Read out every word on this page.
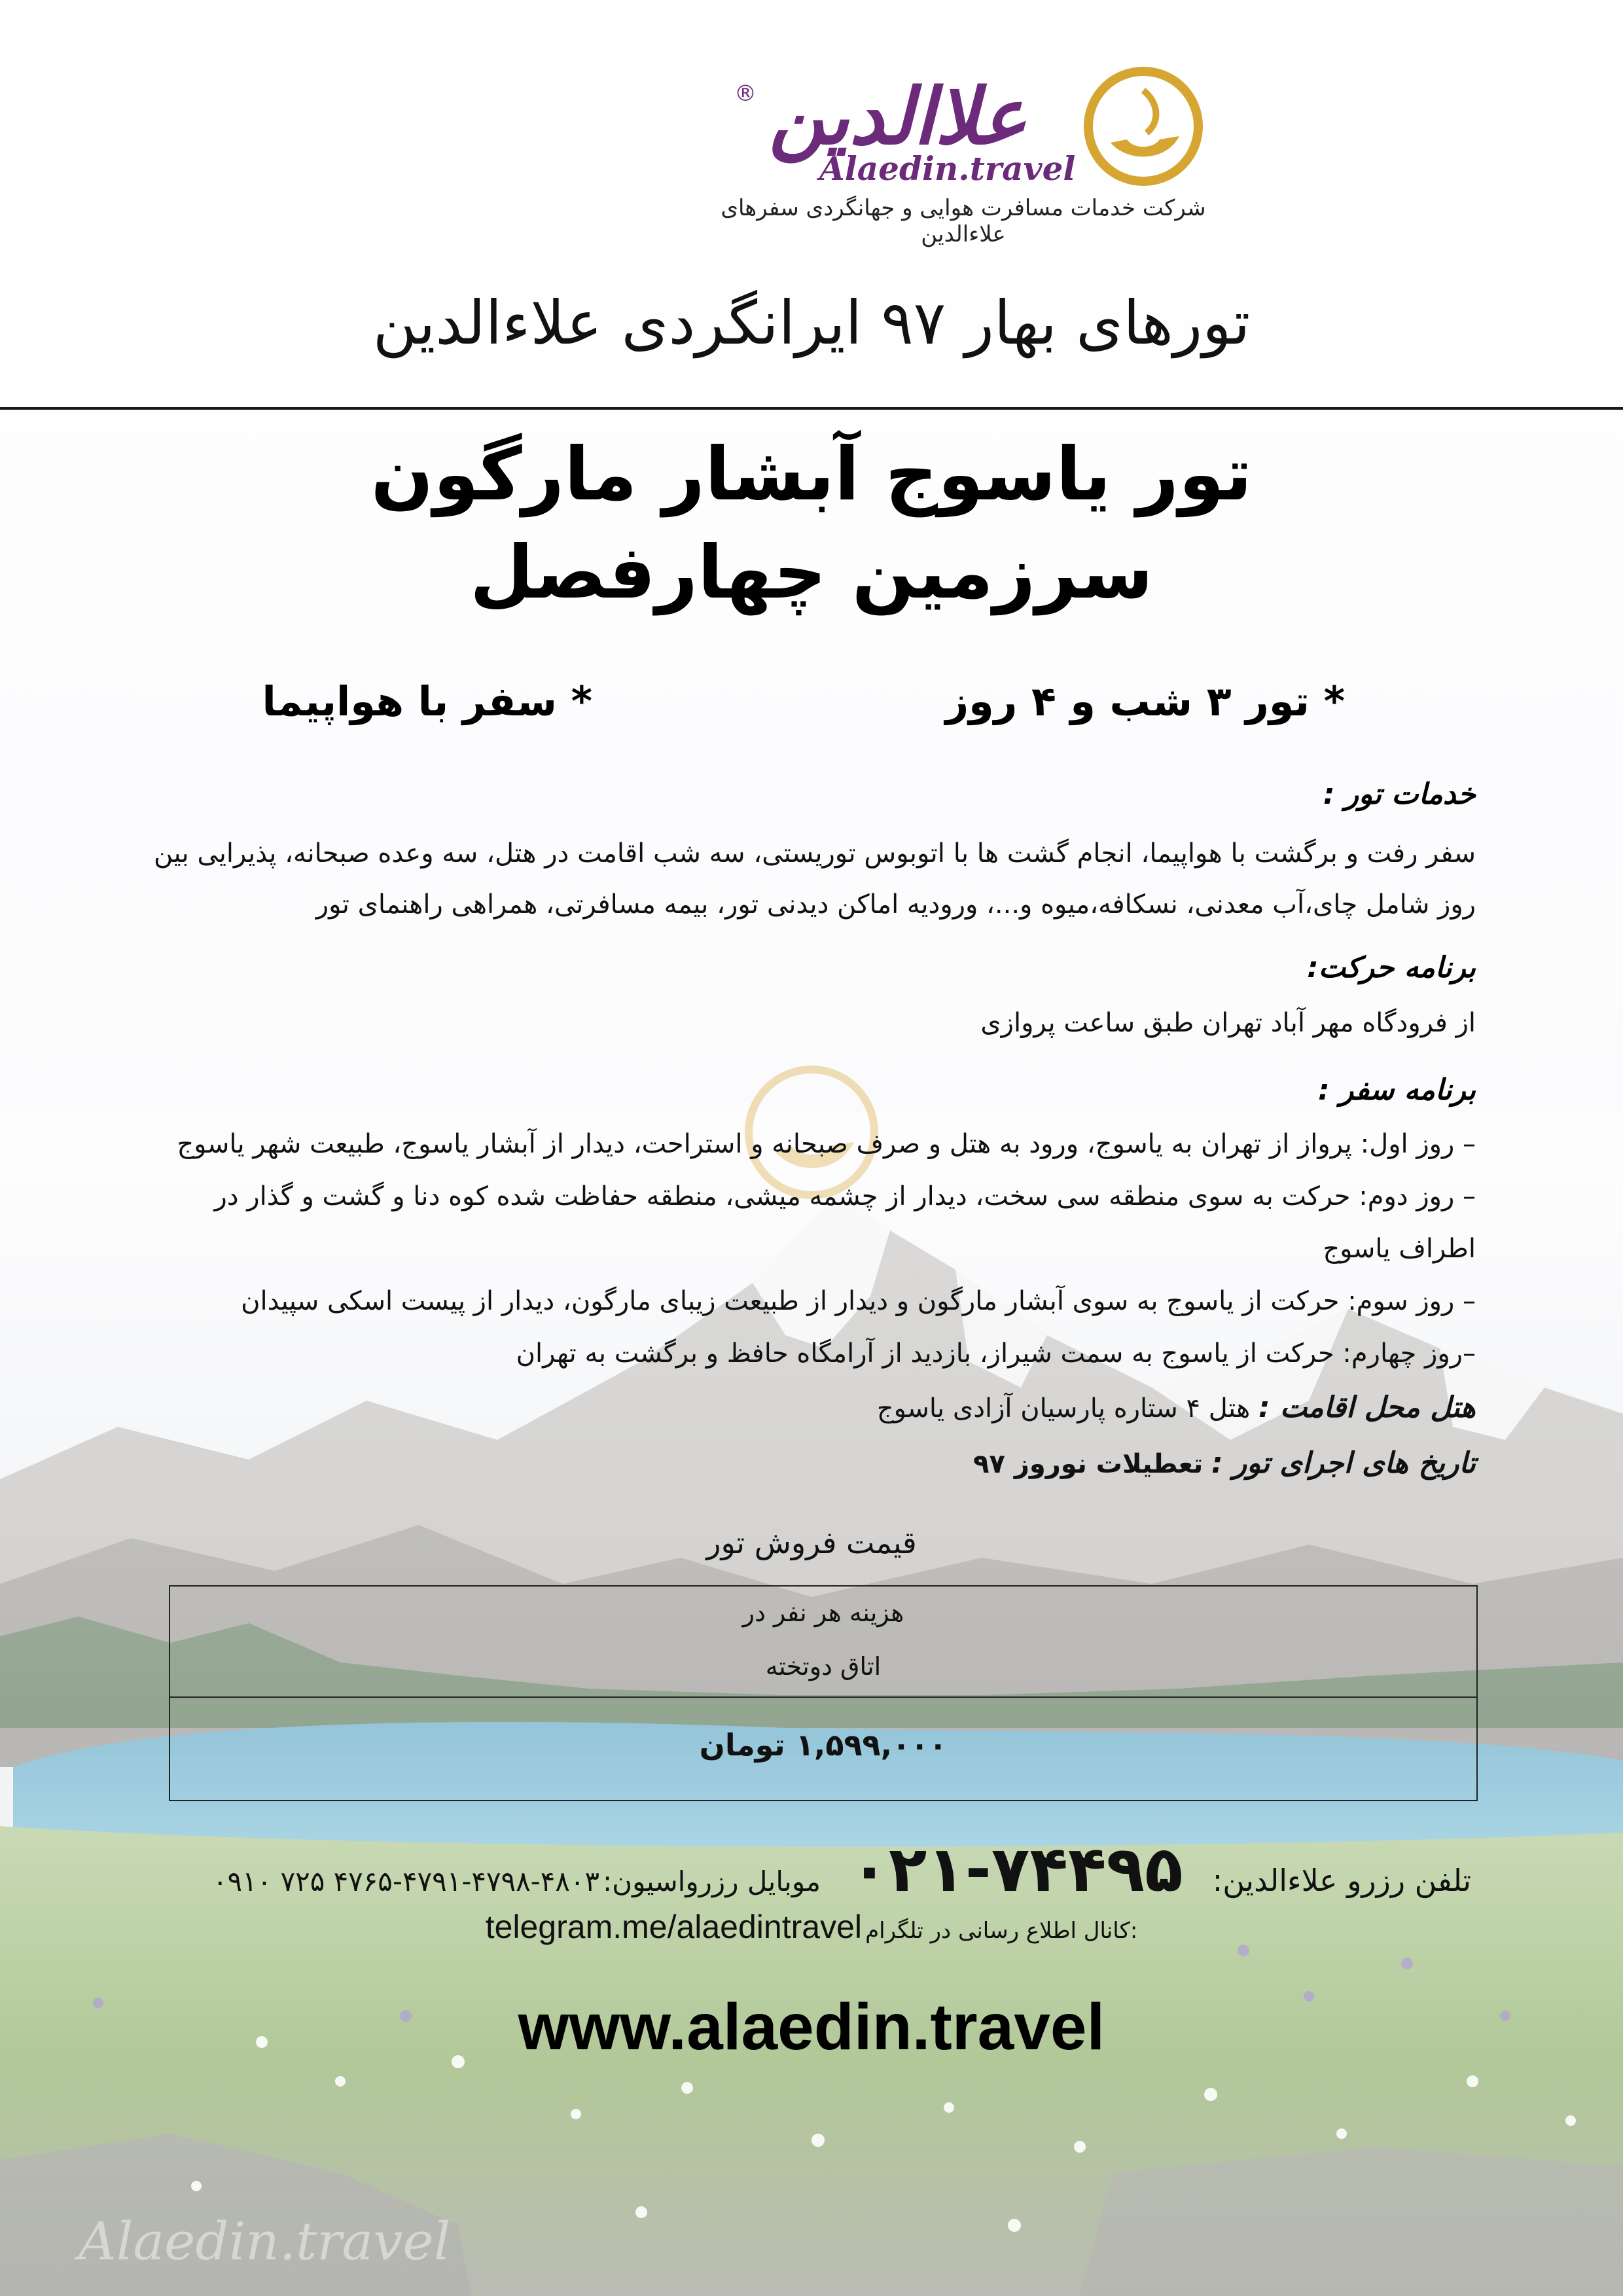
® علاالدین
Alaedin.travel
شرکت خدمات مسافرت هوایی و جهانگردی سفرهای علاءالدین
تورهای بهار ۹۷ ایرانگردی علاءالدین
تور یاسوج آبشار مارگون
سرزمین چهارفصل
* تور ۳ شب و ۴ روز
* سفر با هواپیما
خدمات تور :
سفر رفت و برگشت با هواپیما، انجام گشت ها با اتوبوس توریستی، سه شب اقامت در هتل، سه وعده صبحانه، پذیرایی بین روز شامل چای،آب معدنی، نسکافه،میوه و...، ورودیه اماکن دیدنی تور، بیمه مسافرتی، همراهی راهنمای تور
برنامه حرکت:
از فرودگاه مهر آباد تهران طبق ساعت پروازی
برنامه سفر :
– روز اول: پرواز از تهران به یاسوج، ورود به هتل و صرف صبحانه و استراحت، دیدار از آبشار یاسوج، طبیعت شهر یاسوج
– روز دوم: حرکت به سوی منطقه سی سخت، دیدار از چشمه میشی، منطقه حفاظت شده کوه دنا و گشت و گذار در
اطراف یاسوج
– روز سوم: حرکت از یاسوج به سوی آبشار مارگون و دیدار از طبیعت زیبای مارگون، دیدار از پیست اسکی سپیدان
–روز چهارم: حرکت از یاسوج به سمت شیراز، بازدید از آرامگاه حافظ و برگشت به تهران
هتل محل اقامت : هتل ۴ ستاره پارسیان آزادی یاسوج
تاریخ های اجرای تور : تعطیلات نوروز ۹۷
قیمت فروش تور
هزینه هر نفر در
اتاق دوتخته
۱,۵۹۹,۰۰۰ تومان
تلفن رزرو علاءالدین: ۰۲۱-۷۴۴۹۵ موبایل رزرواسیون: ۴۸۰۳-۴۷۹۸-۴۷۹۱-۴۷۶۵ ۷۲۵ ۰۹۱۰
telegram.me/alaedintravel کانال اطلاع رسانی در تلگرام:
www.alaedin.travel
Alaedin.travel
